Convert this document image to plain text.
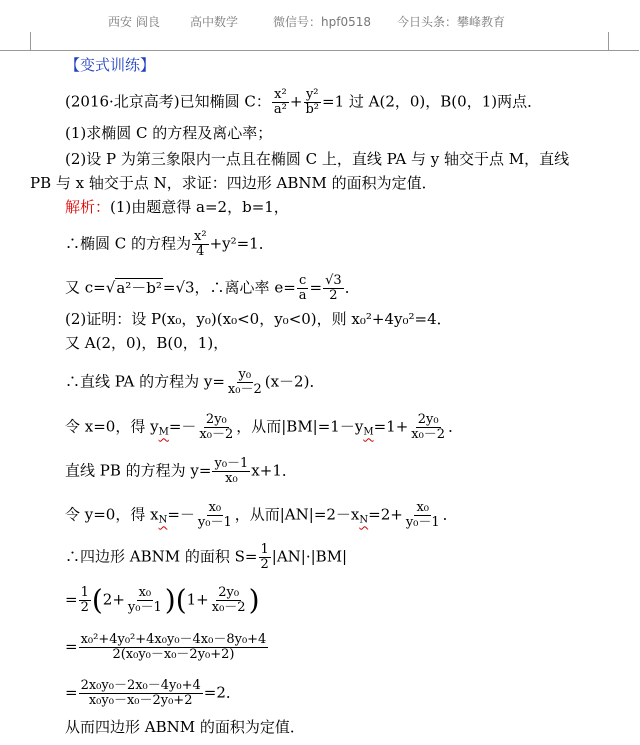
西安 阎良	高中数学	微信号：hpf0518 今日头条：攀峰教育
【变式训练】
(2016·北京高考)已知椭圆 C： $\frac{\text{x²}}{\text{a²}} + \frac{\text{y²}}{\text{b²}} =1$ 过 A(2，0)，B(0，1)两点．
(1)求椭圆 C 的方程及离心率；
(2)设 P 为第三象限内一点且在椭圆 C 上，直线 PA 与 y 轴交于点 M，直线
PB 与 x 轴交于点 N，求证：四边形 ABNM 的面积为定值．
解析：(1)由题意得 a=2，b=1，
∴椭圆 C 的方程为 $\frac{\text{x²}}{4} +y^2=1$．
又 c=√a²－b²=√3，∴离心率 $e= \frac{c}{a} = \frac{√3}{2}$ ．
(2)证明：设 P(x₀，y₀)(x₀<0，y₀<0)，则 x₀²+4y₀²=4．
又 A(2，0)，B(0，1)，
∴直线 PA 的方程为 $y= \frac{\text{y₀}}{\text{x₀－2}} (x-2)$．
令 x=0，得 $y_M=- \frac{\text{2y₀}}{\text{x₀－2}}$ ，从而$|BM|=1-y_M=1+ \frac{\text{2y₀}}{\text{x₀－2}}$ ．
直线 PB 的方程为 $y= \frac{\text{y₀－1}}{\text{x₀}} x+1$．
令 y=0，得 $x_N=- \frac{\text{x₀}}{\text{y₀－1}}$ ，从而$|AN|=2-x_N=2+ \frac{\text{x₀}}{\text{y₀－1}}$ ．
∴四边形 ABNM 的面积 $S= \frac{1}{2} |AN|\cdot|BM|$
= $\frac{1}{2} (2+ \frac{\text{x₀}}{\text{y₀－1}} )(1+ \frac{\text{2y₀}}{\text{x₀－2}}$ )
= $\frac{\text{x₀²+4y₀²+4x₀y₀－4x₀－8y₀+4}}{\text{2(x₀y₀－x₀－2y₀+2)}}$
= $\frac{\text{2x₀y₀－2x₀－4y₀+4}}{\text{x₀y₀－x₀－2y₀+2}} =2$．
从而四边形 ABNM 的面积为定值．
